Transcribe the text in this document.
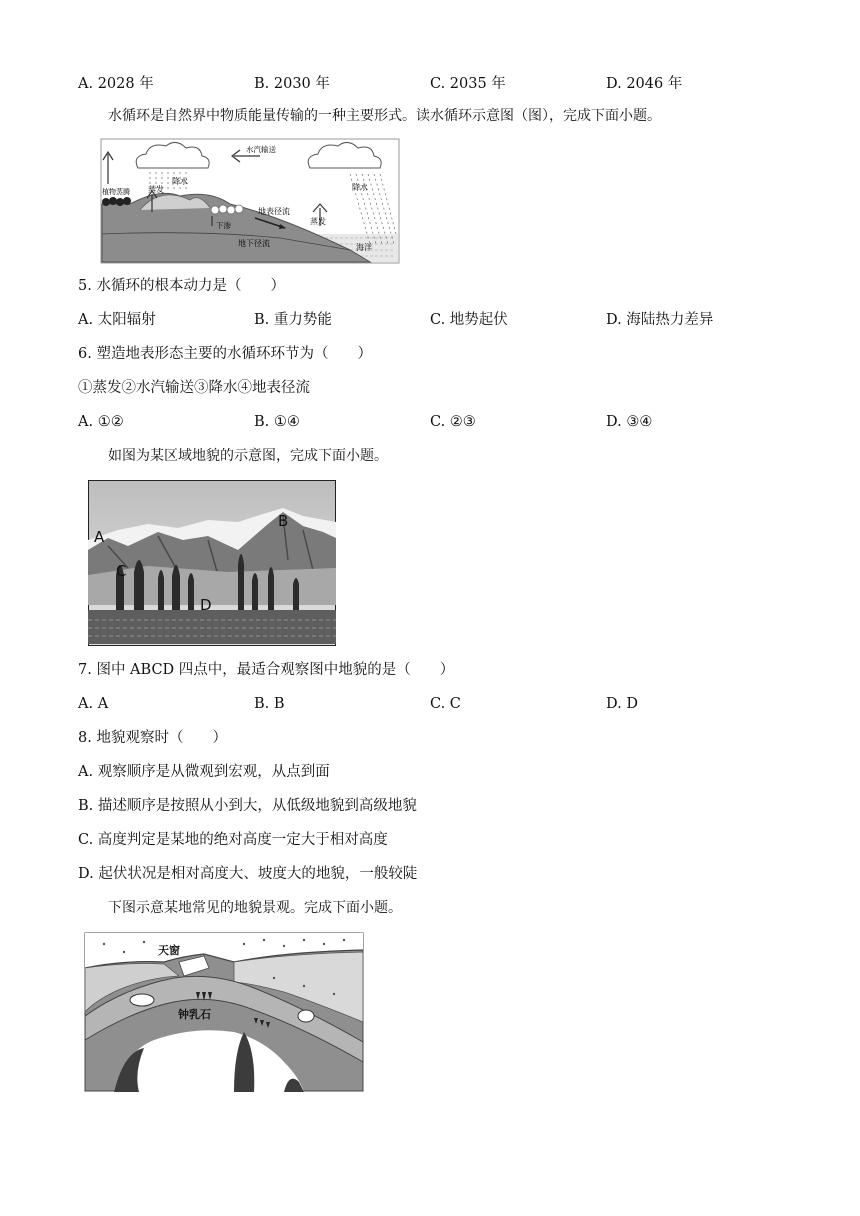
A. 2028 年	B. 2030 年	C. 2035 年	D. 2046 年
水循环是自然界中物质能量传输的一种主要形式。读水循环示意图（图），完成下面小题。
水汽输送
降水
蒸发
植物蒸腾
地表径流
下渗
地下径流
降水
蒸发
海洋
5. 水循环的根本动力是（　　）
A. 太阳辐射	B. 重力势能	C. 地势起伏	D. 海陆热力差异
6. 塑造地表形态主要的水循环环节为（　　）
①蒸发②水汽输送③降水④地表径流
A. ①②	B. ①④	C. ②③	D. ③④
如图为某区域地貌的示意图，完成下面小题。
A
B
C
D
7. 图中 ABCD 四点中，最适合观察图中地貌的是（　　）
A. A	B. B	C. C	D. D
8. 地貌观察时（　　）
A. 观察顺序是从微观到宏观，从点到面
B. 描述顺序是按照从小到大，从低级地貌到高级地貌
C. 高度判定是某地的绝对高度一定大于相对高度
D. 起伏状况是相对高度大、坡度大的地貌，一般较陡
下图示意某地常见的地貌景观。完成下面小题。
天窗
钟乳石
